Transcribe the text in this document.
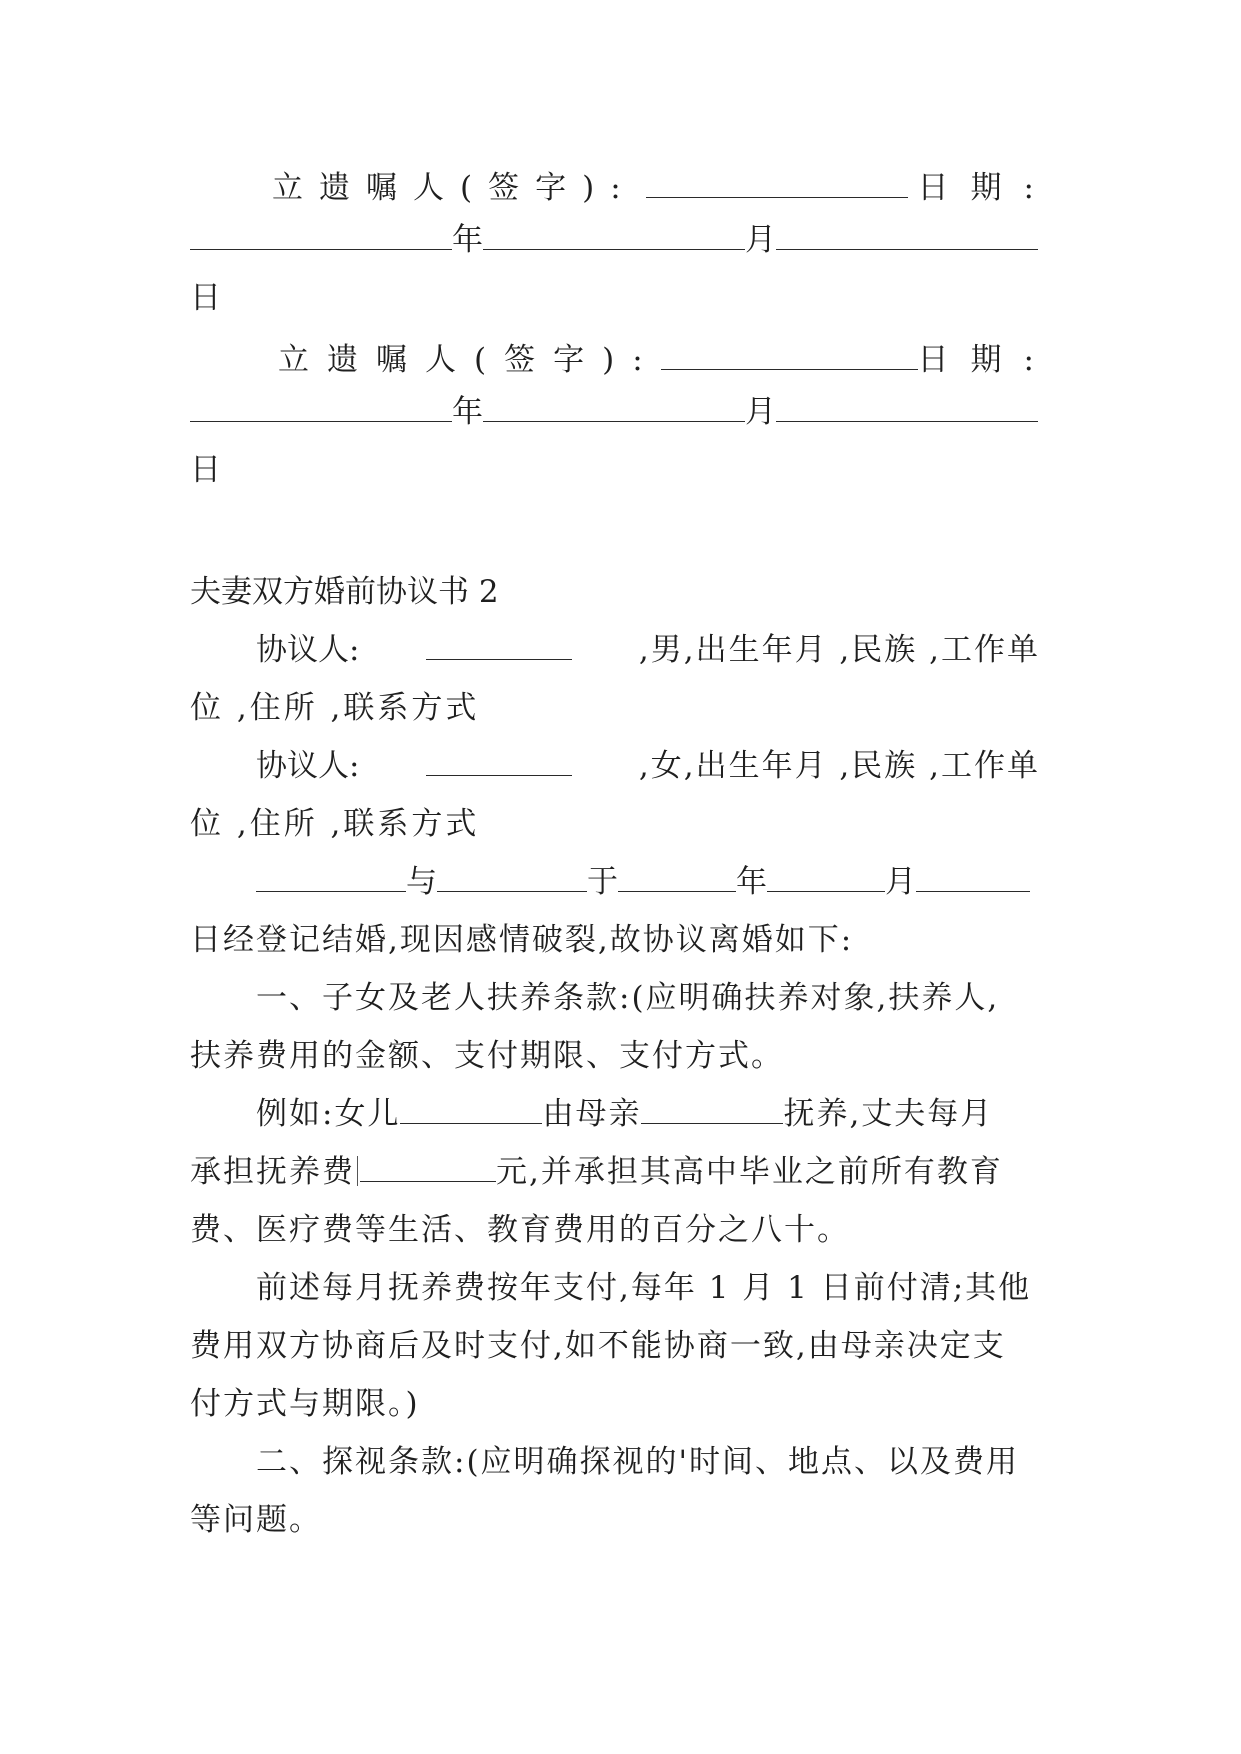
立遗嘱人(签字):	日期:
年	月
日
立遗嘱人(签字):	日期:
年	月
日
夫妻双方婚前协议书 2
协议人:	,男,出生年月 ,民族 ,工作单
位 ,住所 ,联系方式
协议人:	,女,出生年月 ,民族 ,工作单
位 ,住所 ,联系方式
与	于	年	月
日经登记结婚,现因感情破裂,故协议离婚如下:
一、子女及老人扶养条款:(应明确扶养对象,扶养人,
扶养费用的金额、支付期限、支付方式。
例如:女儿	由母亲	抚养,丈夫每月
承担抚养费	元,并承担其高中毕业之前所有教育
费、医疗费等生活、教育费用的百分之八十。
前述每月抚养费按年支付,每年 1 月 1 日前付清;其他
费用双方协商后及时支付,如不能协商一致,由母亲决定支
付方式与期限。)
二、探视条款:(应明确探视的'时间、地点、以及费用
等问题。
